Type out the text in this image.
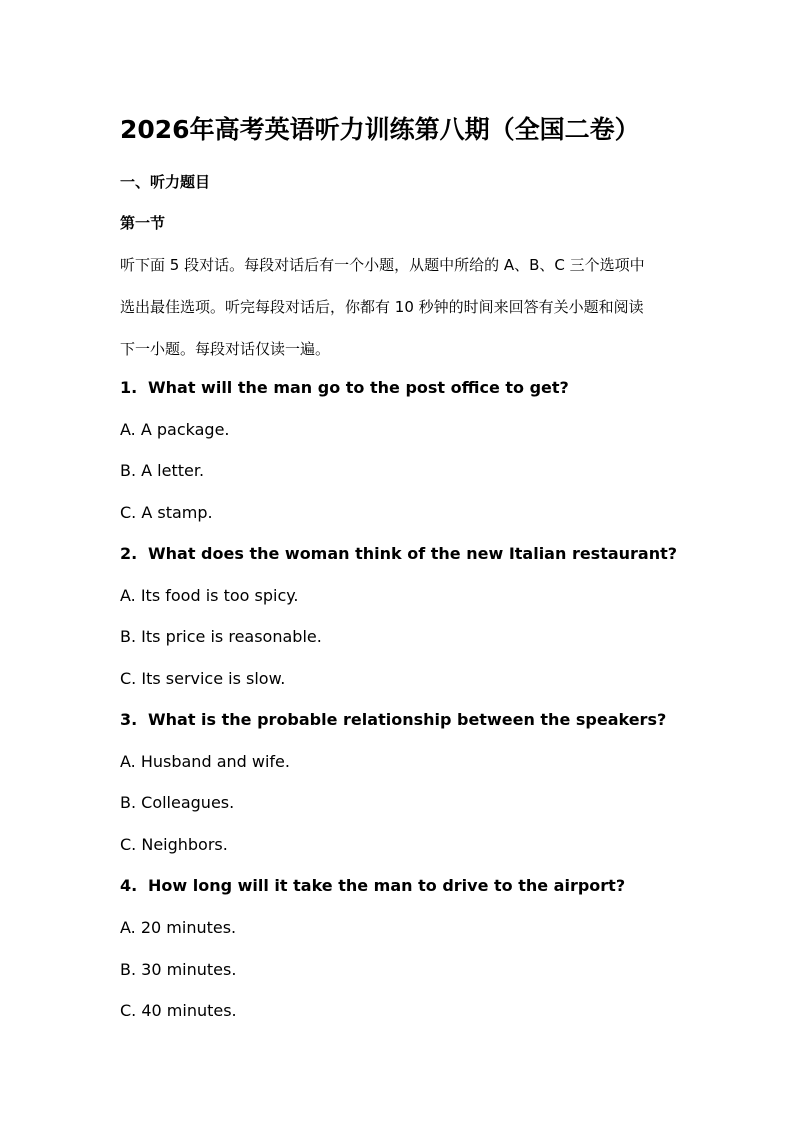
2026年高考英语听力训练第八期（全国二卷）
一、听力题目
第一节
听下面 5 段对话。每段对话后有一个小题，从题中所给的 A、B、C 三个选项中
选出最佳选项。听完每段对话后，你都有 10 秒钟的时间来回答有关小题和阅读
下一小题。每段对话仅读一遍。
1. What will the man go to the post office to get?
A. A package.
B. A letter.
C. A stamp.
2. What does the woman think of the new Italian restaurant?
A. Its food is too spicy.
B. Its price is reasonable.
C. Its service is slow.
3. What is the probable relationship between the speakers?
A. Husband and wife.
B. Colleagues.
C. Neighbors.
4. How long will it take the man to drive to the airport?
A. 20 minutes.
B. 30 minutes.
C. 40 minutes.
